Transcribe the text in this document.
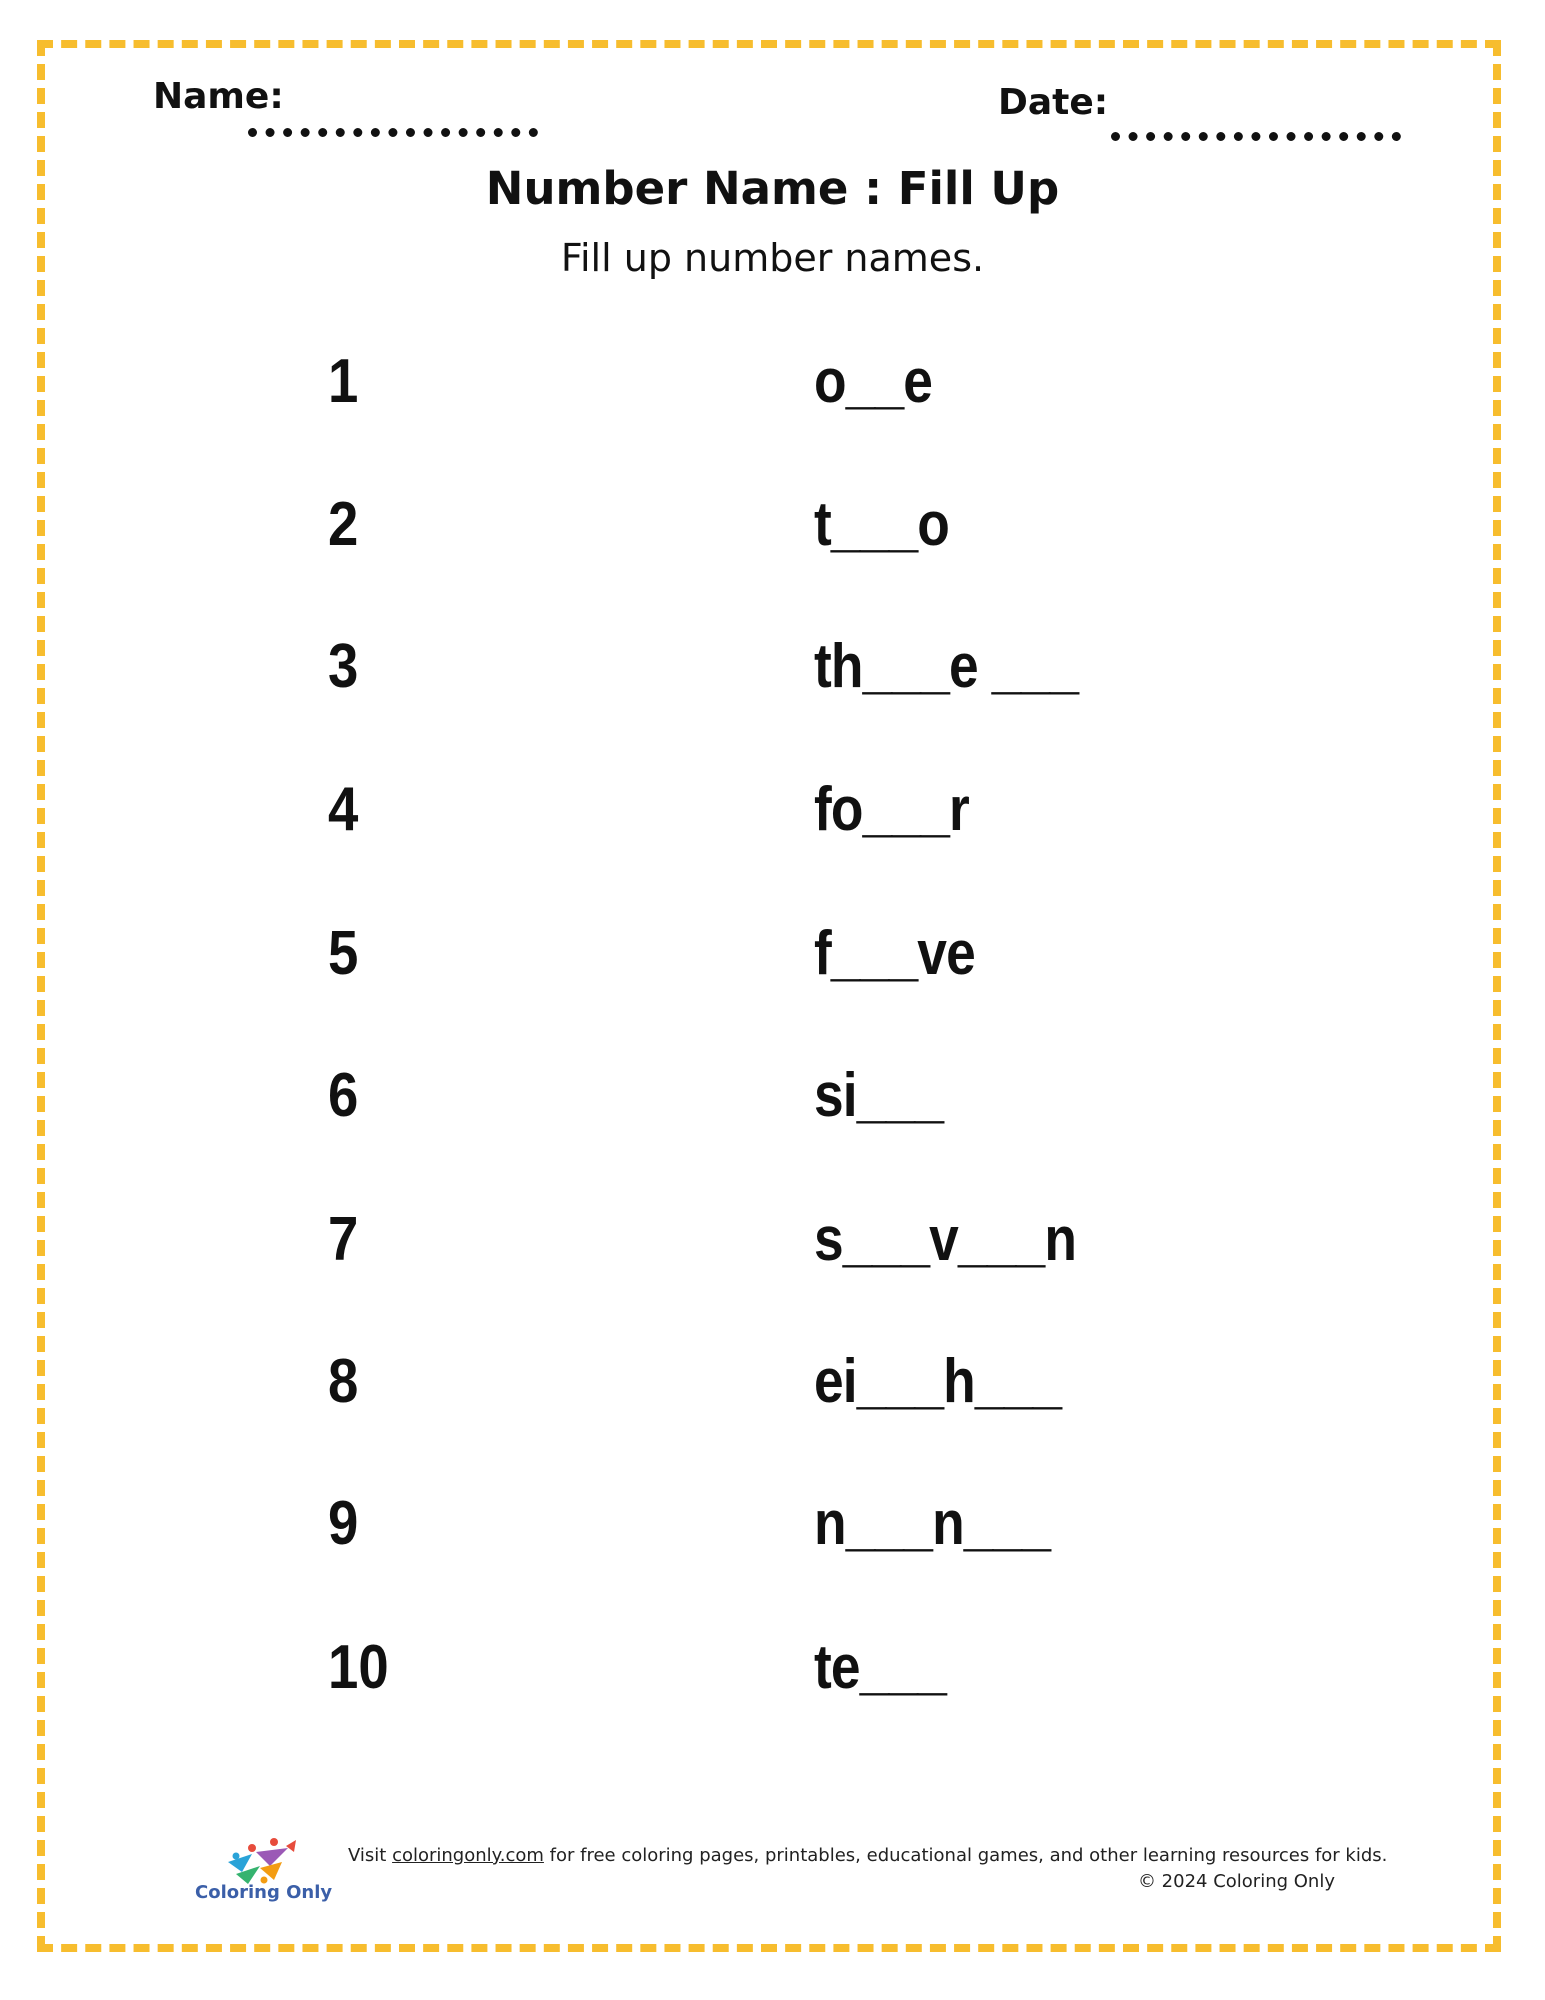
Name:	Date:
Number Name : Fill Up
Fill up number names.
1	o__e
2	t___o
3	th___e ___
4	fo___r
5	f___ve
6	si___
7	s___v___n
8	ei___h___
9	n___n___
10	te___
Coloring Only
Visit coloringonly.com for free coloring pages, printables, educational games, and other learning resources for kids.
© 2024 Coloring Only
